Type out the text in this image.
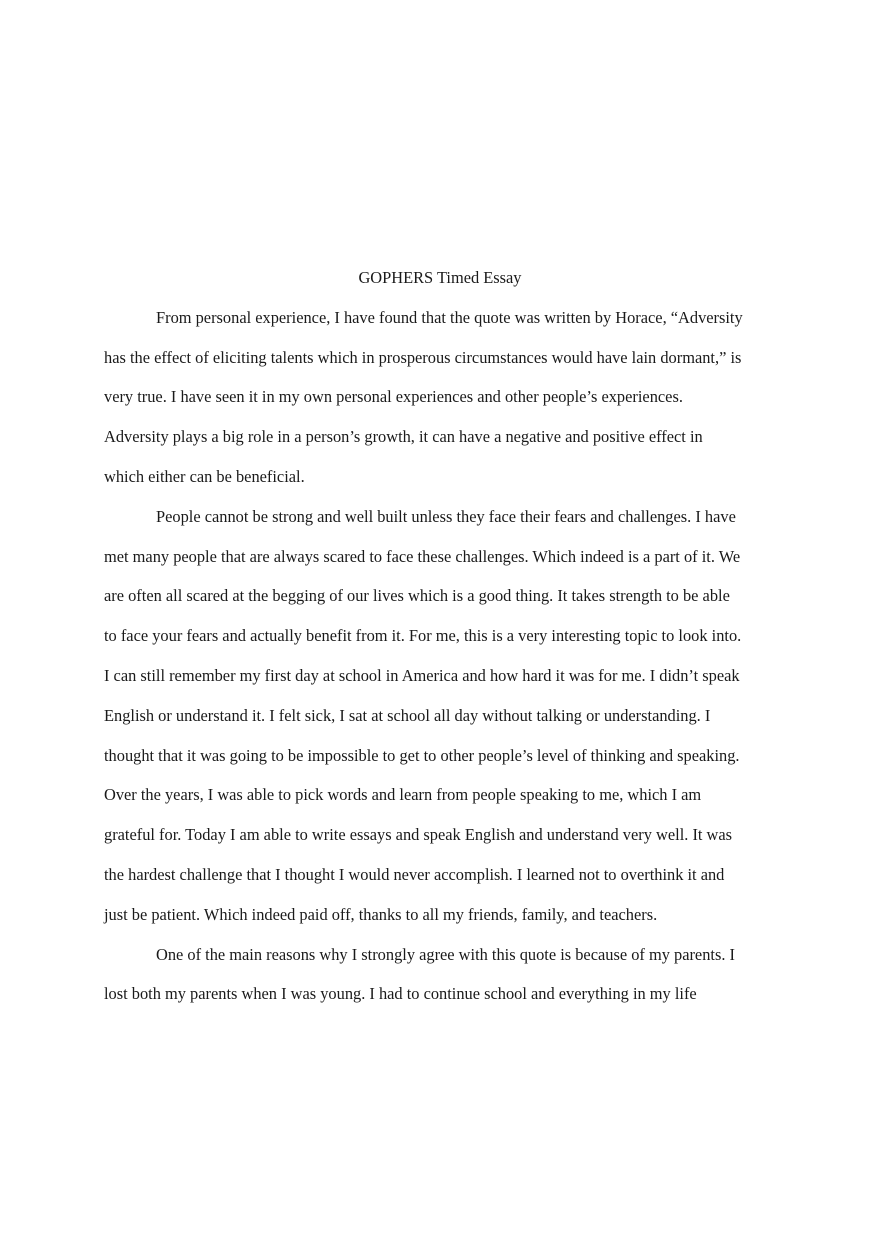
GOPHERS Timed Essay

From personal experience, I have found that the quote was written by Horace, “Adversity
has the effect of eliciting talents which in prosperous circumstances would have lain dormant,” is
very true. I have seen it in my own personal experiences and other people’s experiences.
Adversity plays a big role in a person’s growth, it can have a negative and positive effect in
which either can be beneficial.

People cannot be strong and well built unless they face their fears and challenges. I have
met many people that are always scared to face these challenges. Which indeed is a part of it. We
are often all scared at the begging of our lives which is a good thing. It takes strength to be able
to face your fears and actually benefit from it. For me, this is a very interesting topic to look into.
I can still remember my first day at school in America and how hard it was for me. I didn’t speak
English or understand it. I felt sick, I sat at school all day without talking or understanding. I
thought that it was going to be impossible to get to other people’s level of thinking and speaking.
Over the years, I was able to pick words and learn from people speaking to me, which I am
grateful for. Today I am able to write essays and speak English and understand very well. It was
the hardest challenge that I thought I would never accomplish. I learned not to overthink it and
just be patient. Which indeed paid off, thanks to all my friends, family, and teachers.

One of the main reasons why I strongly agree with this quote is because of my parents. I
lost both my parents when I was young. I had to continue school and everything in my life
